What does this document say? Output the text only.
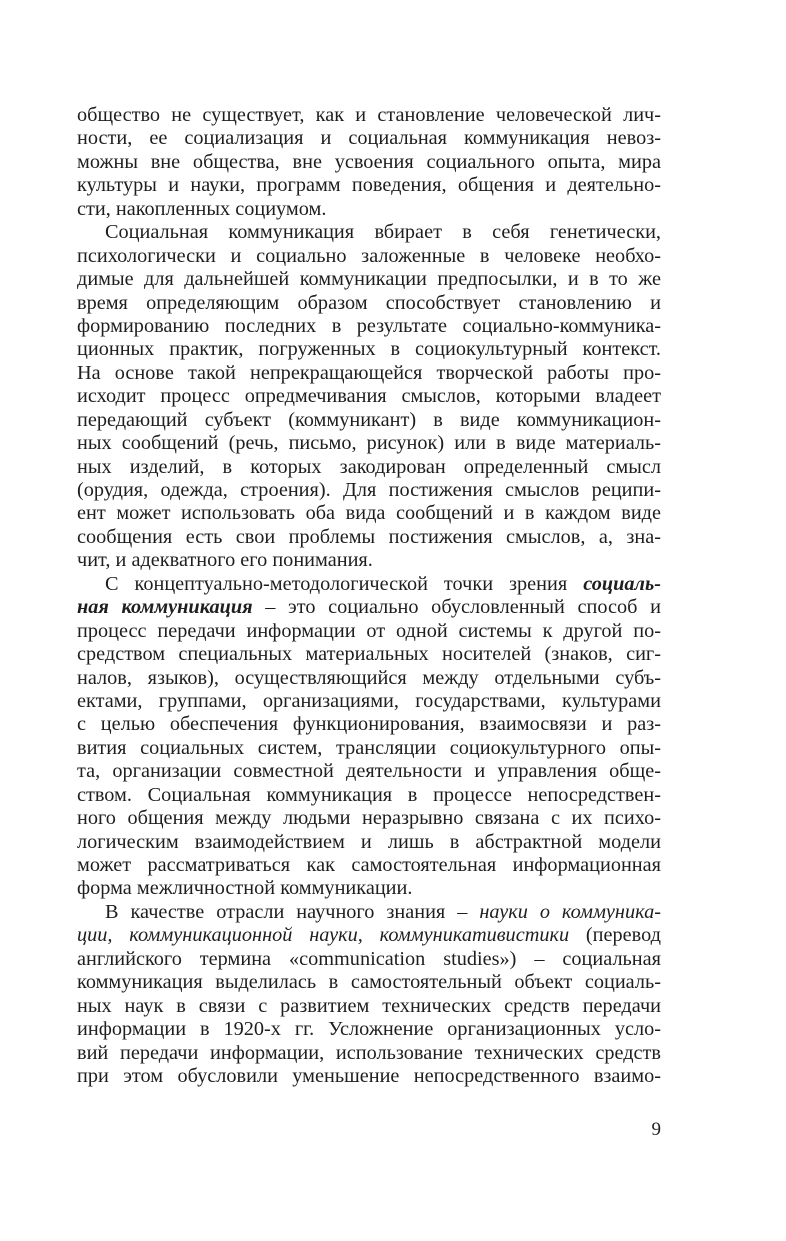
общество не существует, как и становление человеческой лич-
ности, ее социализация и социальная коммуникация невоз-
можны вне общества, вне усвоения социального опыта, мира
культуры и науки, программ поведения, общения и деятельно-
сти, накопленных социумом.
Социальная коммуникация вбирает в себя генетически,
психологически и социально заложенные в человеке необхо-
димые для дальнейшей коммуникации предпосылки, и в то же
время определяющим образом способствует становлению и
формированию последних в результате социально-коммуника-
ционных практик, погруженных в социокультурный контекст.
На основе такой непрекращающейся творческой работы про-
исходит процесс опредмечивания смыслов, которыми владеет
передающий субъект (коммуникант) в виде коммуникацион-
ных сообщений (речь, письмо, рисунок) или в виде материаль-
ных изделий, в которых закодирован определенный смысл
(орудия, одежда, строения). Для постижения смыслов реципи-
ент может использовать оба вида сообщений и в каждом виде
сообщения есть свои проблемы постижения смыслов, а, зна-
чит, и адекватного его понимания.
С концептуально-методологической точки зрения социаль-
ная коммуникация – это социально обусловленный способ и
процесс передачи информации от одной системы к другой по-
средством специальных материальных носителей (знаков, сиг-
налов, языков), осуществляющийся между отдельными субъ-
ектами, группами, организациями, государствами, культурами
с целью обеспечения функционирования, взаимосвязи и раз-
вития социальных систем, трансляции социокультурного опы-
та, организации совместной деятельности и управления обще-
ством. Социальная коммуникация в процессе непосредствен-
ного общения между людьми неразрывно связана с их психо-
логическим взаимодействием и лишь в абстрактной модели
может рассматриваться как самостоятельная информационная
форма межличностной коммуникации.
В качестве отрасли научного знания – науки о коммуника-
ции, коммуникационной науки, коммуникативистики (перевод
английского термина «communication studies») – социальная
коммуникация выделилась в самостоятельный объект социаль-
ных наук в связи с развитием технических средств передачи
информации в 1920-х гг. Усложнение организационных усло-
вий передачи информации, использование технических средств
при этом обусловили уменьшение непосредственного взаимо-
9
